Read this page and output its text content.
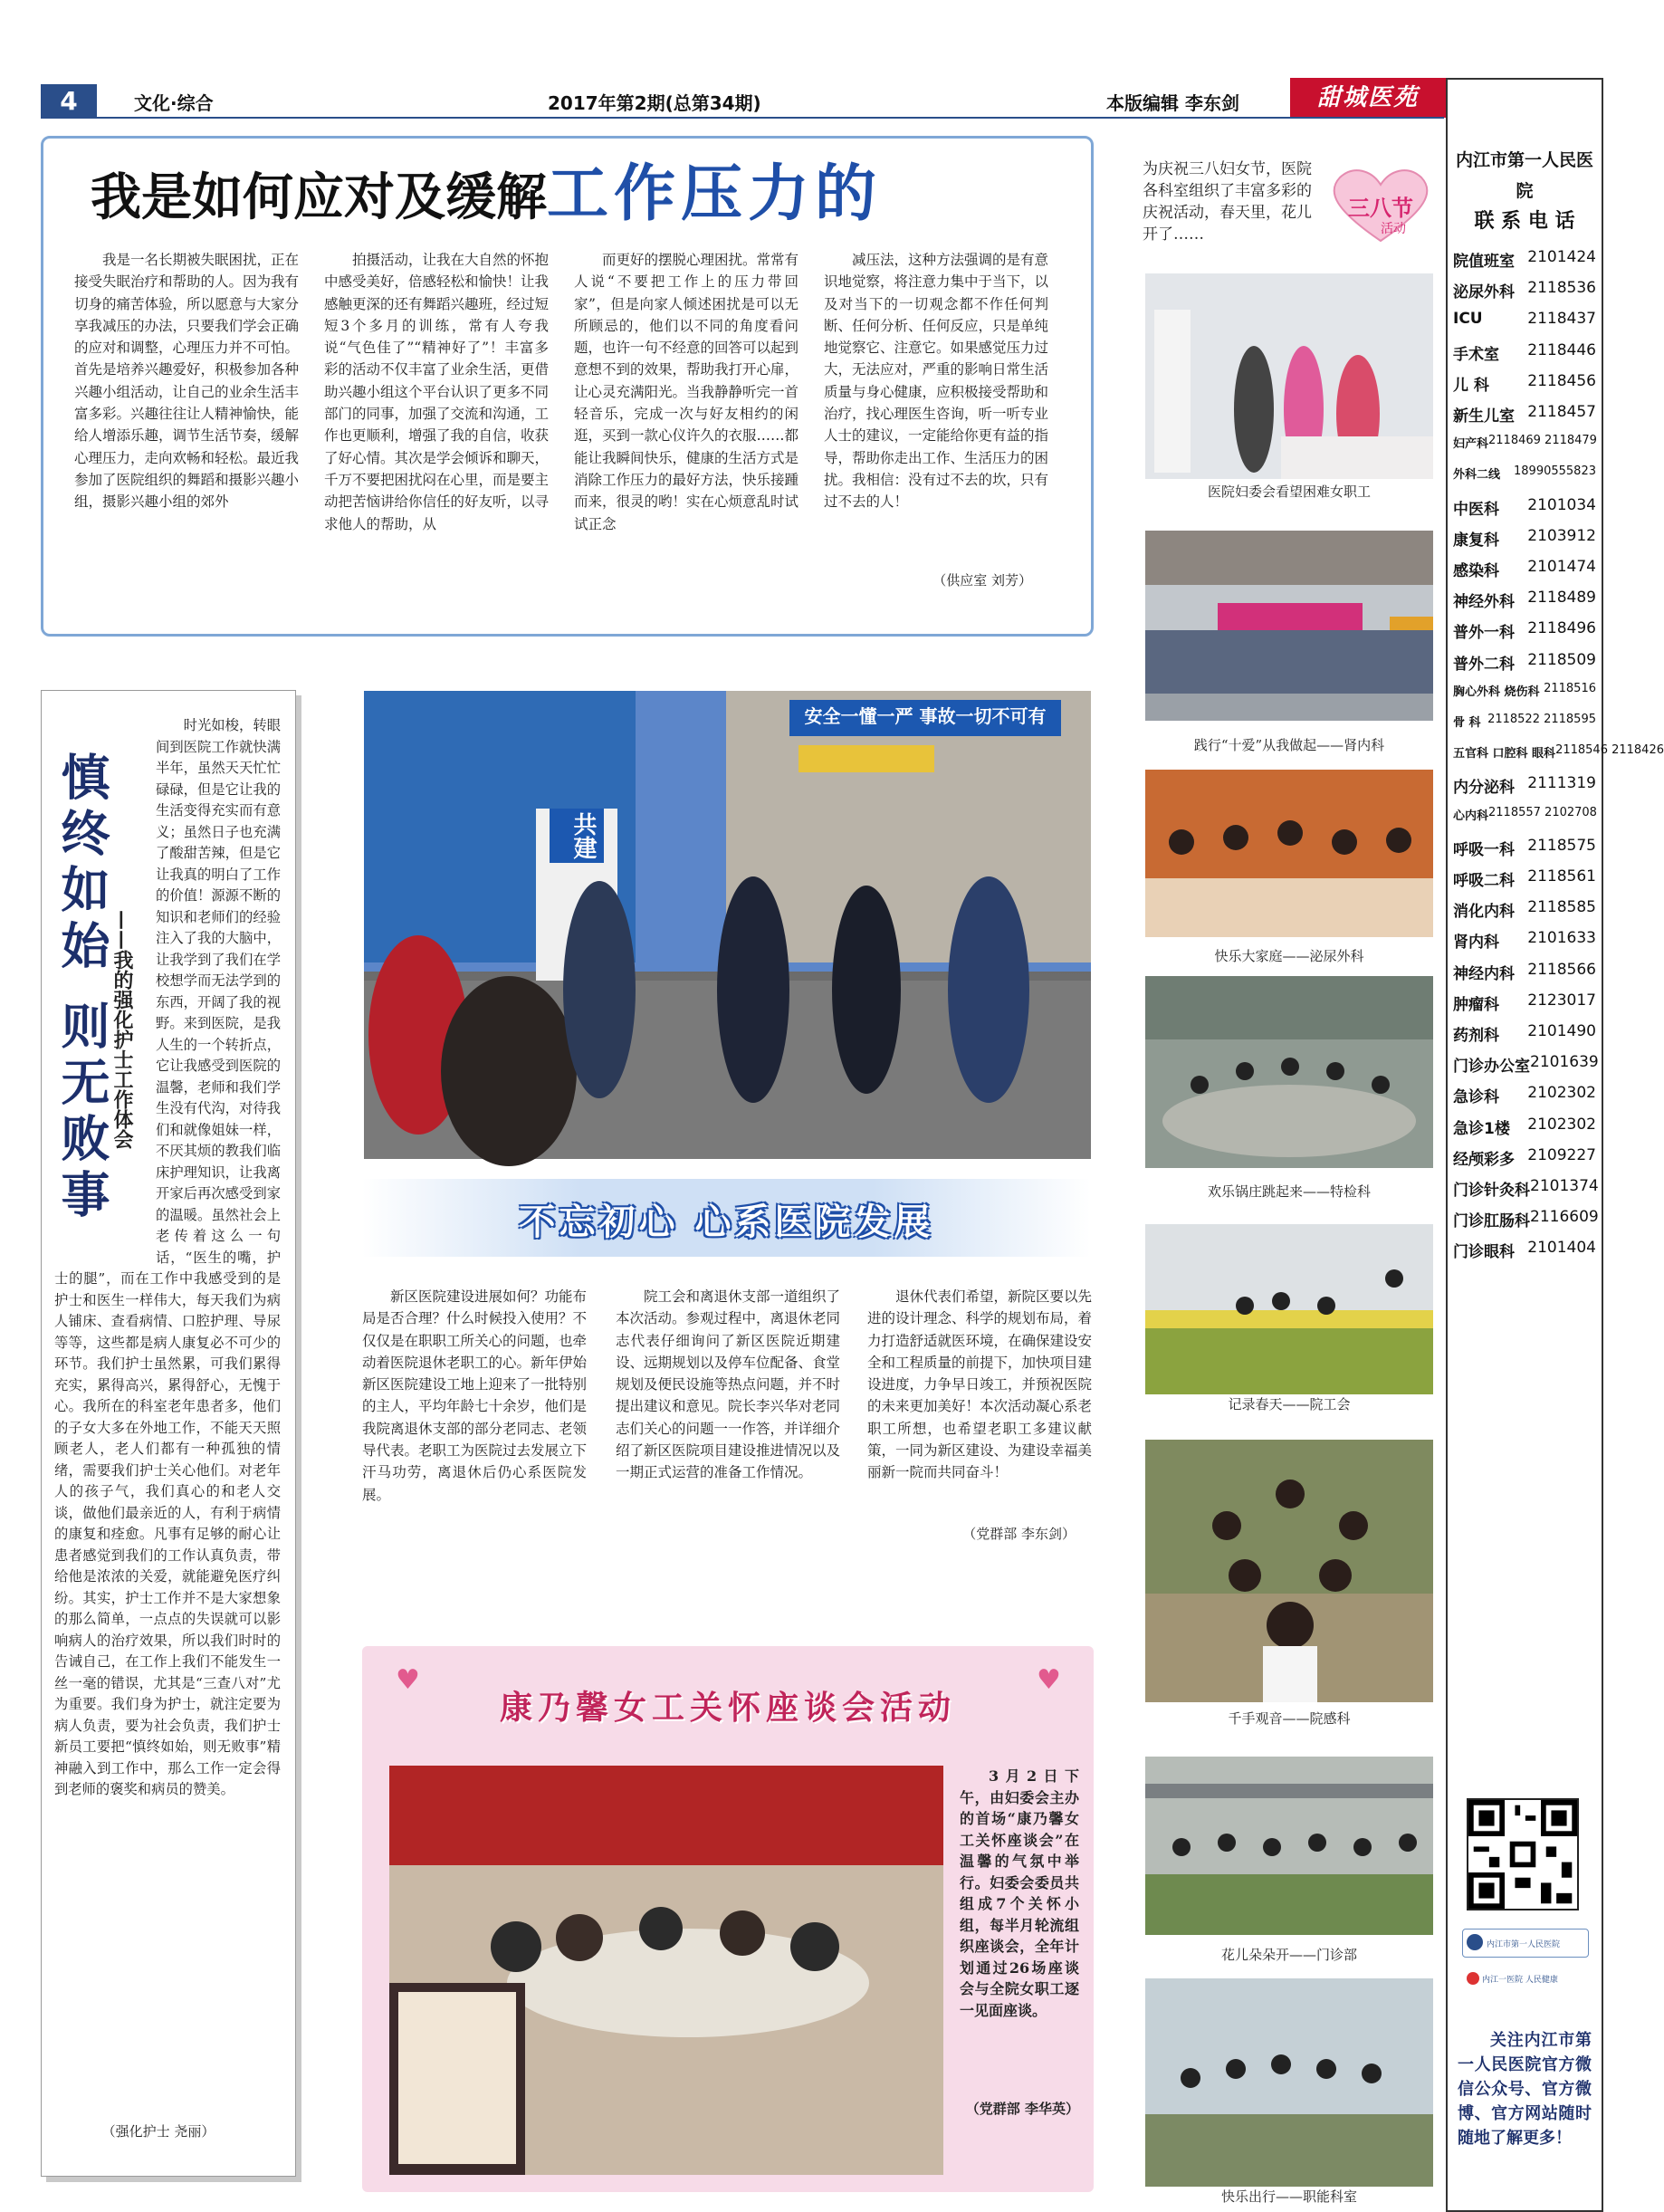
4	文化·综合	2017年第2期(总第34期)	本版编辑 李东剑	甜城医苑
我是如何应对及缓解工作压力的

我是一名长期被失眠困扰，正在接受失眠治疗和帮助的人。因为我有切身的痛苦体验，所以愿意与大家分享我减压的办法，只要我们学会正确的应对和调整，心理压力并不可怕。首先是培养兴趣爱好，积极参加各种兴趣小组活动，让自己的业余生活丰富多彩。兴趣往往让人精神愉快，能给人增添乐趣，调节生活节奏，缓解心理压力，走向欢畅和轻松。最近我参加了医院组织的舞蹈和摄影兴趣小组，摄影兴趣小组的郊外

拍摄活动，让我在大自然的怀抱中感受美好，倍感轻松和愉快！让我感触更深的还有舞蹈兴趣班，经过短短3个多月的训练，常有人夸我说“气色佳了”“精神好了”！丰富多彩的活动不仅丰富了业余生活，更借助兴趣小组这个平台认识了更多不同部门的同事，加强了交流和沟通，工作也更顺利，增强了我的自信，收获了好心情。其次是学会倾诉和聊天，千万不要把困扰闷在心里，而是要主动把苦恼讲给你信任的好友听，以寻求他人的帮助，从

而更好的摆脱心理困扰。常常有人说“不要把工作上的压力带回家”，但是向家人倾述困扰是可以无所顾忌的，他们以不同的角度看问题，也许一句不经意的回答可以起到意想不到的效果，帮助我打开心扉，让心灵充满阳光。当我静静听完一首轻音乐，完成一次与好友相约的闲逛，买到一款心仪许久的衣服……都能让我瞬间快乐，健康的生活方式是消除工作压力的最好方法，快乐接踵而来，很灵的哟！实在心烦意乱时试试正念

减压法，这种方法强调的是有意识地觉察，将注意力集中于当下，以及对当下的一切观念都不作任何判断、任何分析、任何反应，只是单纯地觉察它、注意它。如果感觉压力过大，无法应对，严重的影响日常生活质量与身心健康，应积极接受帮助和治疗，找心理医生咨询，听一听专业人士的建议，一定能给你更有益的指导，帮助你走出工作、生活压力的困扰。我相信：没有过不去的坎，只有过不去的人！

（供应室 刘芳）
为庆祝三八妇女节，医院各科室组织了丰富多彩的庆祝活动，春天里，花儿开了……
三八节
活动
慎终如始 则无败事 ——我的强化护士工作体会

时光如梭，转眼间到医院工作就快满半年，虽然天天忙忙碌碌，但是它让我的生活变得充实而有意义；虽然日子也充满了酸甜苦辣，但是它让我真的明白了工作的价值！源源不断的知识和老师们的经验注入了我的大脑中，让我学到了我们在学校想学而无法学到的东西，开阔了我的视野。来到医院，是我人生的一个转折点，它让我感受到医院的温馨，老师和我们学生没有代沟，对待我们和就像姐妹一样，不厌其烦的教我们临床护理知识，让我离开家后再次感受到家的温暖。虽然社会上老传着这么一句话，“医生的嘴，护士的腿”，而在工作中我感受到的是护士和医生一样伟大，每天我们为病人铺床、查看病情、口腔护理、导尿等等，这些都是病人康复必不可少的环节。我们护士虽然累，可我们累得充实，累得高兴，累得舒心，无愧于心。我所在的科室老年患者多，他们的子女大多在外地工作，不能天天照顾老人，老人们都有一种孤独的情绪，需要我们护士关心他们。对老年人的孩子气，我们真心的和老人交谈，做他们最亲近的人，有利于病情的康复和痊愈。凡事有足够的耐心让患者感觉到我们的工作认真负责，带给他是浓浓的关爱，就能避免医疗纠纷。其实，护士工作并不是大家想象的那么简单，一点点的失误就可以影响病人的治疗效果，所以我们时时的告诫自己，在工作上我们不能发生一丝一毫的错误，尤其是“三查八对”尤为重要。我们身为护士，就注定要为病人负责，要为社会负责，我们护士新员工要把“慎终如始，则无败事”精神融入到工作中，那么工作一定会得到老师的褒奖和病员的赞美。

（强化护士 尧丽）
安全一懂一严 事故一切不可有
共建
不忘初心 心系医院发展

新区医院建设进展如何？功能布局是否合理？什么时候投入使用？不仅仅是在职职工所关心的问题，也牵动着医院退休老职工的心。新年伊始新区医院建设工地上迎来了一批特别的主人，平均年龄七十余岁，他们是我院离退休支部的部分老同志、老领导代表。老职工为医院过去发展立下汗马功劳，离退休后仍心系医院发展。

院工会和离退休支部一道组织了本次活动。参观过程中，离退休老同志代表仔细询问了新区医院近期建设、远期规划以及停车位配备、食堂规划及便民设施等热点问题，并不时提出建议和意见。院长李兴华对老同志们关心的问题一一作答，并详细介绍了新区医院项目建设推进情况以及一期正式运营的准备工作情况。

退休代表们希望，新院区要以先进的设计理念、科学的规划布局，着力打造舒适就医环境，在确保建设安全和工程质量的前提下，加快项目建设进度，力争早日竣工，并预祝医院的未来更加美好！本次活动凝心系老职工所想，也希望老职工多建议献策，一同为新区建设、为建设幸福美丽新一院而共同奋斗！

（党群部 李东剑）
♥	♥
康乃馨女工关怀座谈会活动
3月2日下午，由妇委会主办的首场“康乃馨女工关怀座谈会”在温馨的气氛中举行。妇委会委员共组成7个关怀小组，每半月轮流组织座谈会，全年计划通过26场座谈会与全院女职工逐一见面座谈。
（党群部 李华英）
医院妇委会看望困难女职工
践行“十爱”从我做起——肾内科
快乐大家庭——泌尿外科
欢乐锅庄跳起来——特检科
记录春天——院工会
千手观音——院感科
花儿朵朵开——门诊部
快乐出行——职能科室
内江市第一人民医院
联 系 电 话
院值班室 2101424
泌尿外科 2118536
ICU	2118437
手术室 2118446
儿 科 2118456
新生儿室 2118457
妇产科 2118469 2118479
外科二线 18990555823
中医科 2101034
康复科 2103912
感染科 2101474
神经外科 2118489
普外一科 2118496
普外二科 2118509
胸心外科 烧伤科 2118516
骨 科 2118522 2118595
五官科 口腔科 眼科 2118546 2118426
内分泌科 2111319
心内科 2118557 2102708
呼吸一科 2118575
呼吸二科 2118561
消化内科 2118585
肾内科 2101633
神经内科 2118566
肿瘤科 2123017
药剂科 2101490
门诊办公室 2101639
急诊科 2102302
急诊1楼 2102302
经颅彩多 2109227
门诊针灸科 2101374
门诊肛肠科 2116609
门诊眼科 2101404
内江市第一人民医院
内江一医院 人民健康
关注内江市第一人民医院官方微信公众号、官方微博、官方网站随时随地了解更多！
